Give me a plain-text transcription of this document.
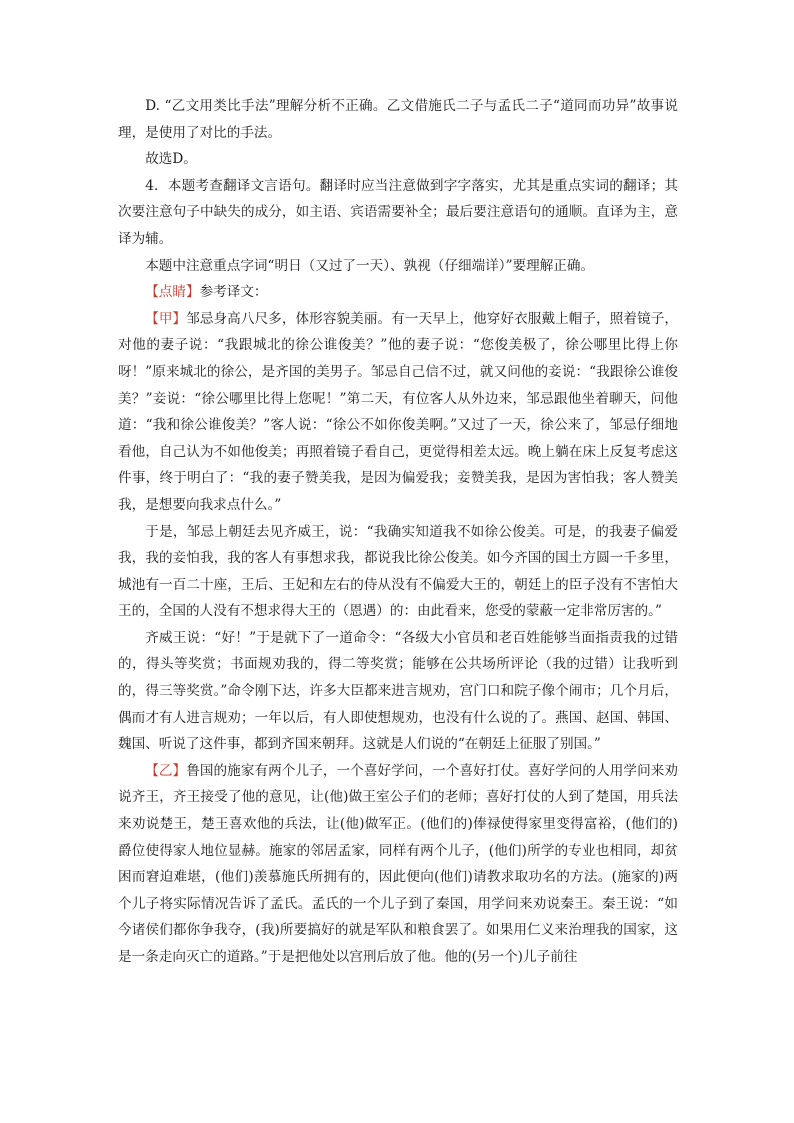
D. “乙文用类比手法”理解分析不正确。乙文借施氏二子与孟氏二子“道同而功异”故事说理，是使用了对比的手法。

故选D。

4．本题考查翻译文言语句。翻译时应当注意做到字字落实，尤其是重点实词的翻译；其次要注意句子中缺失的成分，如主语、宾语需要补全；最后要注意语句的通顺。直译为主，意译为辅。

本题中注意重点字词“明日（又过了一天）、孰视（仔细端详）”要理解正确。

【点睛】参考译文：

【甲】邹忌身高八尺多，体形容貌美丽。有一天早上，他穿好衣服戴上帽子，照着镜子，对他的妻子说：“我跟城北的徐公谁俊美？”他的妻子说：“您俊美极了，徐公哪里比得上你呀！”原来城北的徐公，是齐国的美男子。邹忌自己信不过，就又问他的妾说：“我跟徐公谁俊美？”妾说：“徐公哪里比得上您呢！”第二天，有位客人从外边来，邹忌跟他坐着聊天，问他道：“我和徐公谁俊美？”客人说：“徐公不如你俊美啊。”又过了一天，徐公来了，邹忌仔细地看他，自己认为不如他俊美；再照着镜子看自己，更觉得相差太远。晚上躺在床上反复考虑这件事，终于明白了：“我的妻子赞美我，是因为偏爱我；妾赞美我，是因为害怕我；客人赞美我，是想要向我求点什么。”

于是，邹忌上朝廷去见齐威王，说：“我确实知道我不如徐公俊美。可是，的我妻子偏爱我，我的妾怕我，我的客人有事想求我，都说我比徐公俊美。如今齐国的国土方圆一千多里，城池有一百二十座，王后、王妃和左右的侍从没有不偏爱大王的，朝廷上的臣子没有不害怕大王的，全国的人没有不想求得大王的（恩遇）的：由此看来，您受的蒙蔽一定非常厉害的。”

齐威王说：“好！”于是就下了一道命令：“各级大小官员和老百姓能够当面指责我的过错的，得头等奖赏；书面规劝我的，得二等奖赏；能够在公共场所评论（我的过错）让我听到的，得三等奖赏。”命令刚下达，许多大臣都来进言规劝，宫门口和院子像个闹市；几个月后，偶而才有人进言规劝；一年以后，有人即使想规劝，也没有什么说的了。燕国、赵国、韩国、魏国、听说了这件事，都到齐国来朝拜。这就是人们说的“在朝廷上征服了别国。”

【乙】鲁国的施家有两个儿子，一个喜好学问，一个喜好打仗。喜好学问的人用学问来劝说齐王，齐王接受了他的意见，让(他)做王室公子们的老师；喜好打仗的人到了楚国，用兵法来劝说楚王，楚王喜欢他的兵法，让(他)做军正。(他们的)俸禄使得家里变得富裕，(他们的)爵位使得家人地位显赫。施家的邻居孟家，同样有两个儿子，(他们)所学的专业也相同，却贫困而窘迫难堪，(他们)羡慕施氏所拥有的，因此便向(他们)请教求取功名的方法。(施家的)两个儿子将实际情况告诉了孟氏。孟氏的一个儿子到了秦国，用学问来劝说秦王。秦王说：“如今诸侯们都你争我夺，(我)所要搞好的就是军队和粮食罢了。如果用仁义来治理我的国家，这是一条走向灭亡的道路。”于是把他处以宫刑后放了他。他的(另一个)儿子前往
